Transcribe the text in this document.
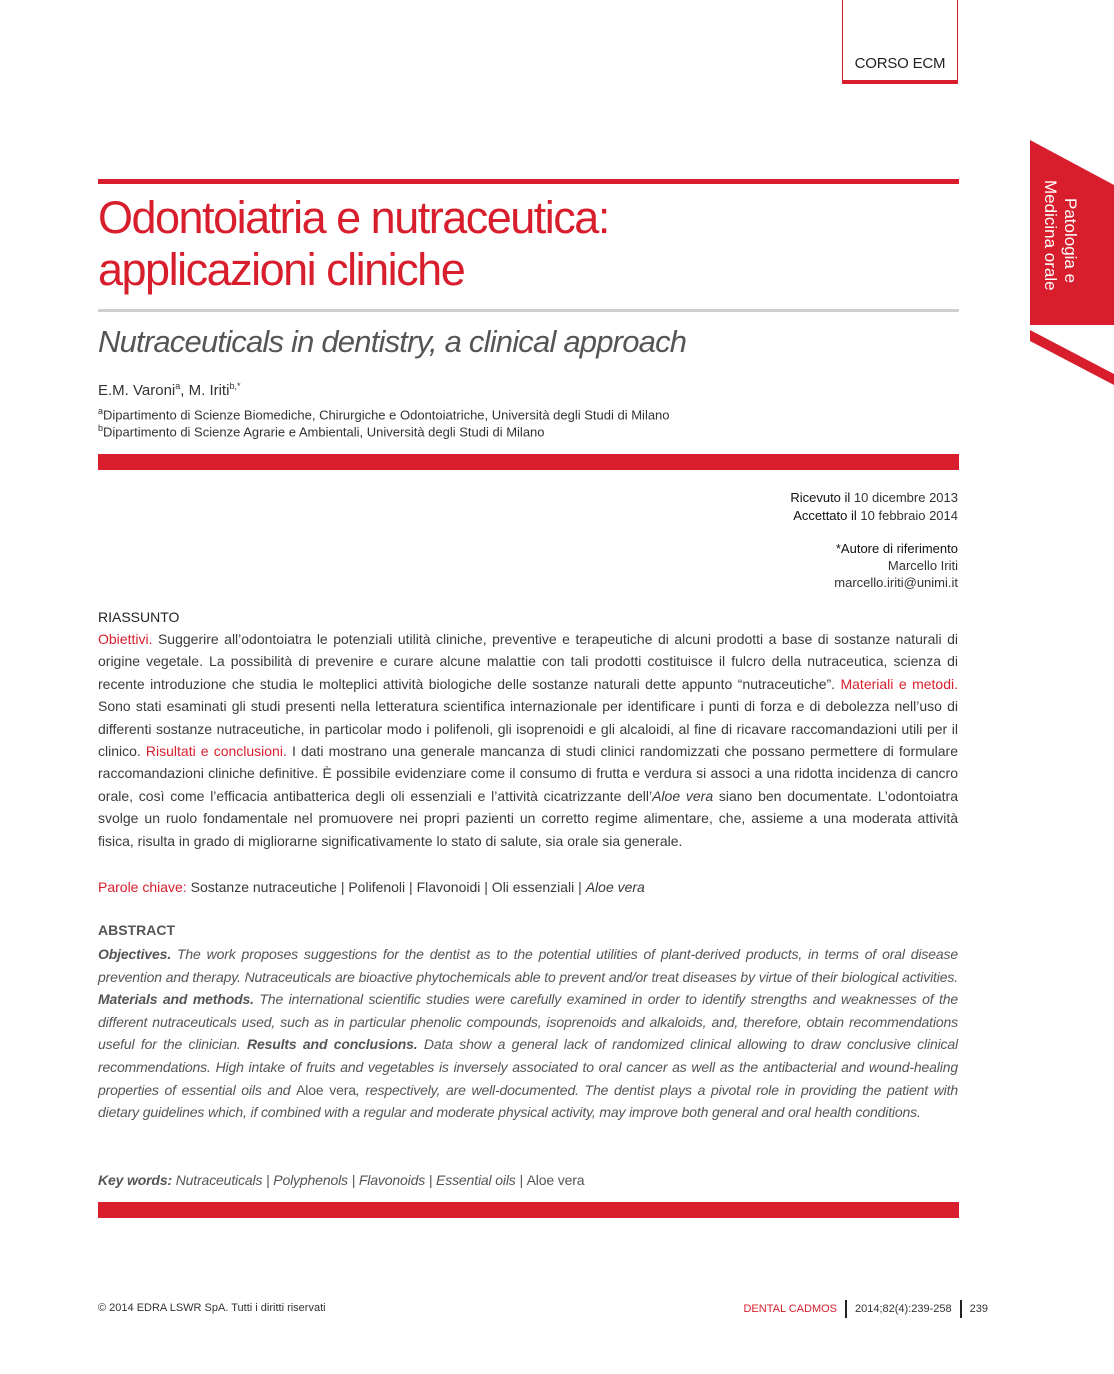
CORSO ECM
Patologia e
Medicina orale
Odontoiatria e nutraceutica:
applicazioni cliniche
Nutraceuticals in dentistry, a clinical approach
E.M. Varoni$^a$, M. Iriti$^{b,*}$
$^a$Dipartimento di Scienze Biomediche, Chirurgiche e Odontoiatriche, Università degli Studi di Milano
$^b$Dipartimento di Scienze Agrarie e Ambientali, Università degli Studi di Milano
Ricevuto il 10 dicembre 2013
Accettato il 10 febbraio 2014
*Autore di riferimento
Marcello Iriti
marcello.iriti@unimi.it
RIASSUNTO
Obiettivi. Suggerire all’odontoiatra le potenziali utilità cliniche, preventive e terapeutiche di alcuni prodotti a base di sostanze naturali di origine vegetale. La possibilità di prevenire e curare alcune malattie con tali prodotti costituisce il fulcro della nutraceutica, scienza di recente introduzione che studia le molteplici attività biologiche delle sostanze naturali dette appunto “nutraceutiche”. Materiali e metodi. Sono stati esaminati gli studi presenti nella letteratura scientifica internazionale per identificare i punti di forza e di debolezza nell’uso di differenti sostanze nutraceutiche, in particolar modo i polifenoli, gli isoprenoidi e gli alcaloidi, al fine di ricavare raccomandazioni utili per il clinico. Risultati e conclusioni. I dati mostrano una generale mancanza di studi clinici randomizzati che possano permettere di formulare raccomandazioni cliniche definitive. È possibile evidenziare come il consumo di frutta e verdura si associ a una ridotta incidenza di cancro orale, così come l’efficacia antibatterica degli oli essenziali e l’attività cicatrizzante dell’Aloe vera siano ben documentate. L’odontoiatra svolge un ruolo fondamentale nel promuovere nei propri pazienti un corretto regime alimentare, che, assieme a una moderata attività fisica, risulta in grado di migliorarne significativamente lo stato di salute, sia orale sia generale.
Parole chiave: Sostanze nutraceutiche | Polifenoli | Flavonoidi | Oli essenziali | Aloe vera
ABSTRACT
Objectives. The work proposes suggestions for the dentist as to the potential utilities of plant-derived products, in terms of oral disease prevention and therapy. Nutraceuticals are bioactive phytochemicals able to prevent and/or treat diseases by virtue of their biological activities. Materials and methods. The international scientific studies were carefully examined in order to identify strengths and weaknesses of the different nutraceuticals used, such as in particular phenolic compounds, isoprenoids and alkaloids, and, therefore, obtain recommendations useful for the clinician. Results and conclusions. Data show a general lack of randomized clinical allowing to draw conclusive clinical recommendations. High intake of fruits and vegetables is inversely associated to oral cancer as well as the antibacterial and wound-healing properties of essential oils and Aloe vera, respectively, are well-documented. The dentist plays a pivotal role in providing the patient with dietary guidelines which, if combined with a regular and moderate physical activity, may improve both general and oral health conditions.
Key words: Nutraceuticals | Polyphenols | Flavonoids | Essential oils | Aloe vera
© 2014 EDRA LSWR SpA. Tutti i diritti riservati	DENTAL CADMOS 2014;82(4):239-258 239
